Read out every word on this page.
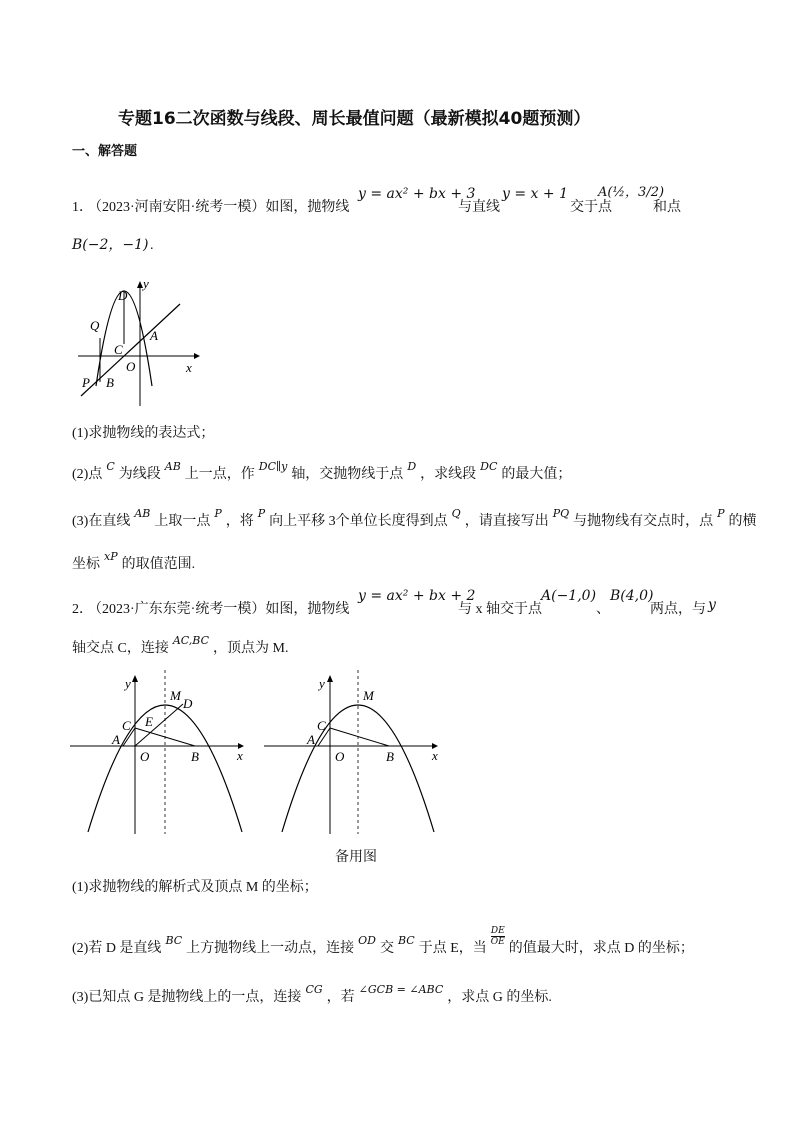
专题16二次函数与线段、周长最值问题（最新模拟40题预测）
一、解答题
1．
（2023·河南安阳·统考一模）如图，抛物线
y = ax² + bx + 3
与直线
y = x + 1
交于点
A(½，3/2)
和点
B(−2，−1) .
D
y
Q
C
A
O	x
P B
(1)求抛物线的表达式；
(2)点 $^C$ 为线段 $^{AB}$ 上一点，作 $^{DC\parallel y}$ 轴，交抛物线于点 $^D$ ，求线段 $^{DC}$ 的最大值；
(3)在直线 $^{AB}$ 上取一点 $^P$ ，将 $^P$ 向上平移 3个单位长度得到点 $^Q$ ，请直接写出 $^{PQ}$ 与抛物线有交点时，点 $^P$ 的横
坐标 $^{xP}$ 的取值范围.
2．
（2023·广东东莞·统考一模）如图，抛物线
y = ax² + bx + 2
与 x 轴交于点
A(−1,0)
、
B(4,0)
两点，与 y
轴交点 C，连接 $^{AC,BC}$ ，顶点为 M.
y
M
D
C E
A
O	B	x
y
M
C
A
O	B	x
备用图
(1)求抛物线的解析式及顶点 M 的坐标；
(2)若 D 是直线 $^{BC}$ 上方抛物线上一动点，连接 $^{OD}$ 交 $^{BC}$ 于点 E，当
$\frac{DE}{OE}$
的值最大时，求点 D 的坐标；
(3)已知点 G 是抛物线上的一点，连接 $^{CG}$ ，若 $^{\angle GCB = \angle ABC}$ ，求点 G 的坐标.
